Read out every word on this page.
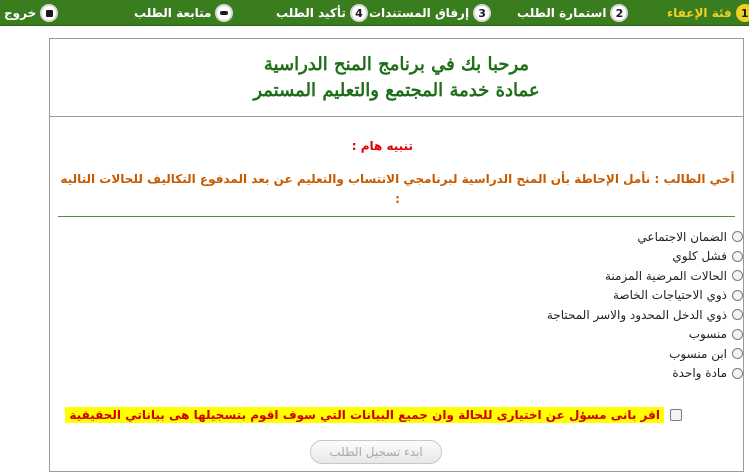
1
فئة الإعفاء
2
استمارة الطلب
3
إرفاق المستندات
4
تأكيد الطلب
متابعة الطلب
خروج
مرحبا بك في برنامج المنح الدراسية
عمادة خدمة المجتمع والتعليم المستمر
تنبيه هام :
أخي الطالب : نأمل الإحاطة بأن المنح الدراسية لبرنامجي الانتساب والتعليم عن بعد المدفوع التكاليف للحالات التاليه :
الضمان الاجتماعي
فشل كلوي
الحالات المرضية المزمنة
ذوي الاحتياجات الخاصة
ذوي الدخل المحدود والاسر المحتاجة
منسوب
ابن منسوب
مادة واحدة
اقر بانى مسؤل عن اختيارى للحالة وان جميع البيانات التي سوف اقوم بتسجيلها هى بياناتي الحقيقية
ابدء تسجيل الطلب
